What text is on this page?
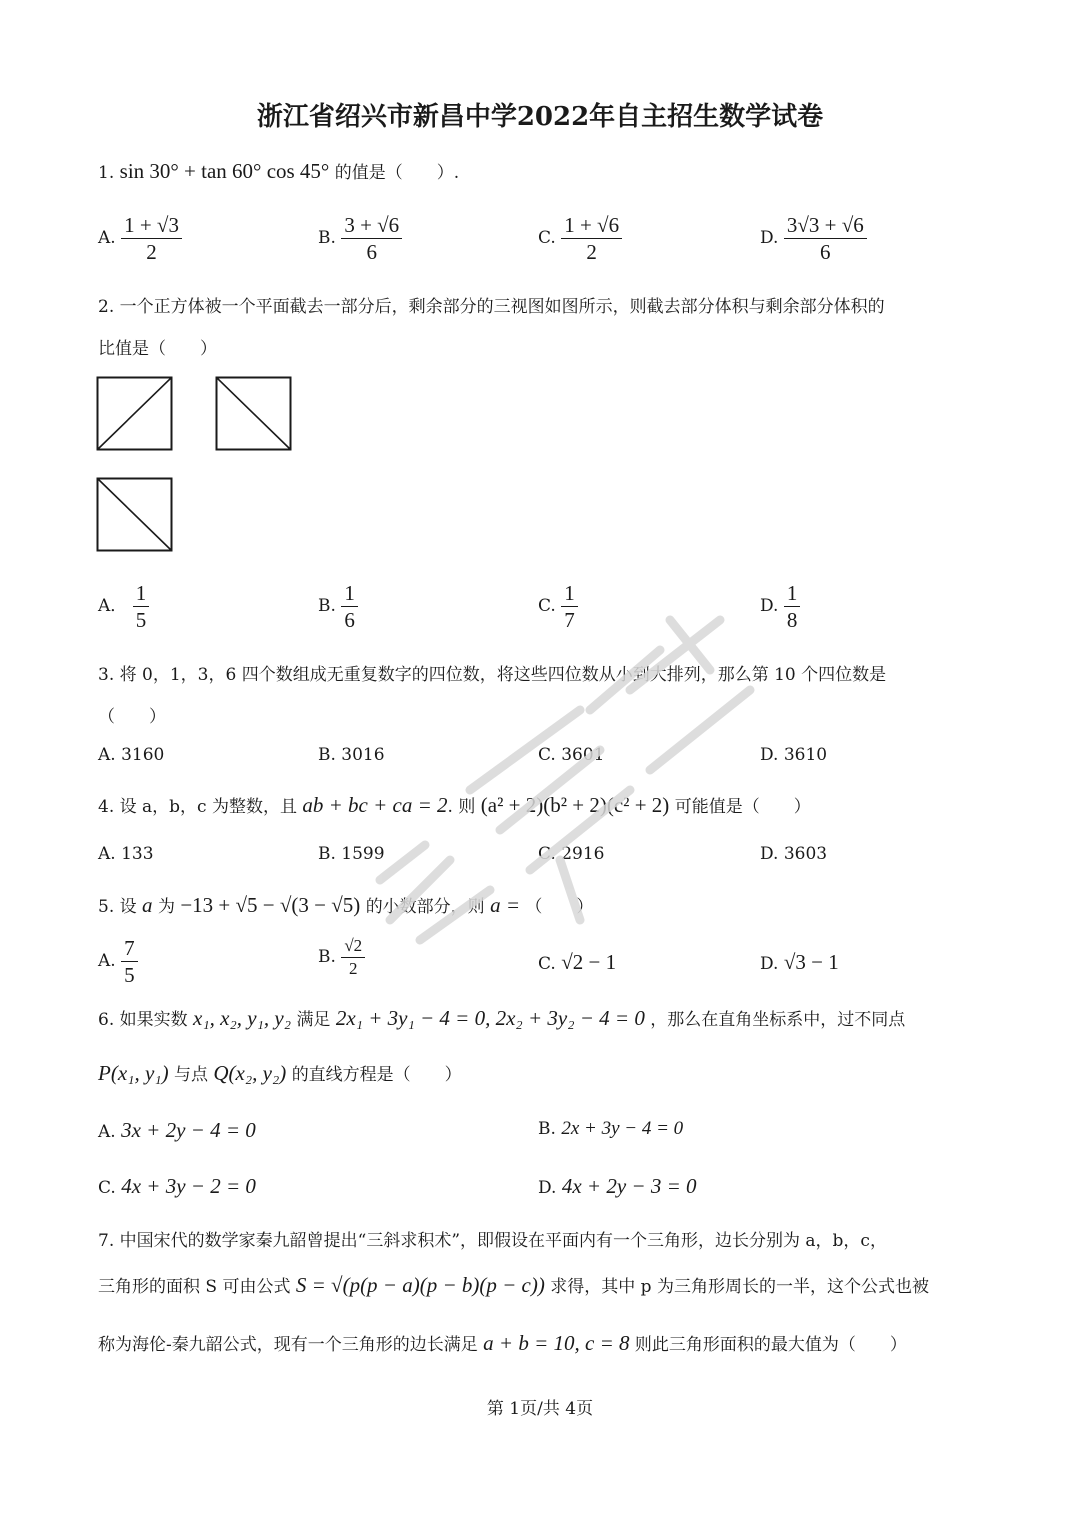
浙江省绍兴市新昌中学2022年自主招生数学试卷
1. sin 30° + tan 60° cos 45° 的值是（　　）.
A. $\frac{1 + √3}{2}$	B. $\frac{3 + √6}{6}$	C. $\frac{1 + √6}{2}$	D. $\frac{3√3 + √6}{6}$
2. 一个正方体被一个平面截去一部分后，剩余部分的三视图如图所示，则截去部分体积与剩余部分体积的
比值是（　　）
A． $\frac{1}{5}$	B. $\frac{1}{6}$	C. $\frac{1}{7}$	D. $\frac{1}{8}$
3. 将 0，1，3，6 四个数组成无重复数字的四位数，将这些四位数从小到大排列，那么第 10 个四位数是
（　　）
A. 3160	B. 3016	C. 3601	D. 3610
4. 设 a，b，c 为整数，且 ab + bc + ca = 2. 则 (a² + 2)(b² + 2)(c² + 2) 可能值是（　　）
A. 133	B. 1599	C. 2916	D. 3603
5. 设 a 为 −13 + √5 − √(3 − √5) 的小数部分，则 a = （　　）
A. $\frac{7}{5}$	B. $\frac{√2}{2}$	C. √2 − 1	D. √3 − 1
6. 如果实数 x₁, x₂, y₁, y₂ 满足 2x₁ + 3y₁ − 4 = 0, 2x₂ + 3y₂ − 4 = 0 ，那么在直角坐标系中，过不同点
P(x₁, y₁) 与点 Q(x₂, y₂) 的直线方程是（　　）
A. 3x + 2y − 4 = 0	B. 2x + 3y − 4 = 0
C. 4x + 3y − 2 = 0	D. 4x + 2y − 3 = 0
7. 中国宋代的数学家秦九韶曾提出“三斜求积术”，即假设在平面内有一个三角形，边长分别为 a，b，c，
三角形的面积 S 可由公式 S = √(p(p − a)(p − b)(p − c)) 求得，其中 p 为三角形周长的一半，这个公式也被
称为海伦-秦九韶公式，现有一个三角形的边长满足 a + b = 10, c = 8 则此三角形面积的最大值为（　　）
第 1页/共 4页
